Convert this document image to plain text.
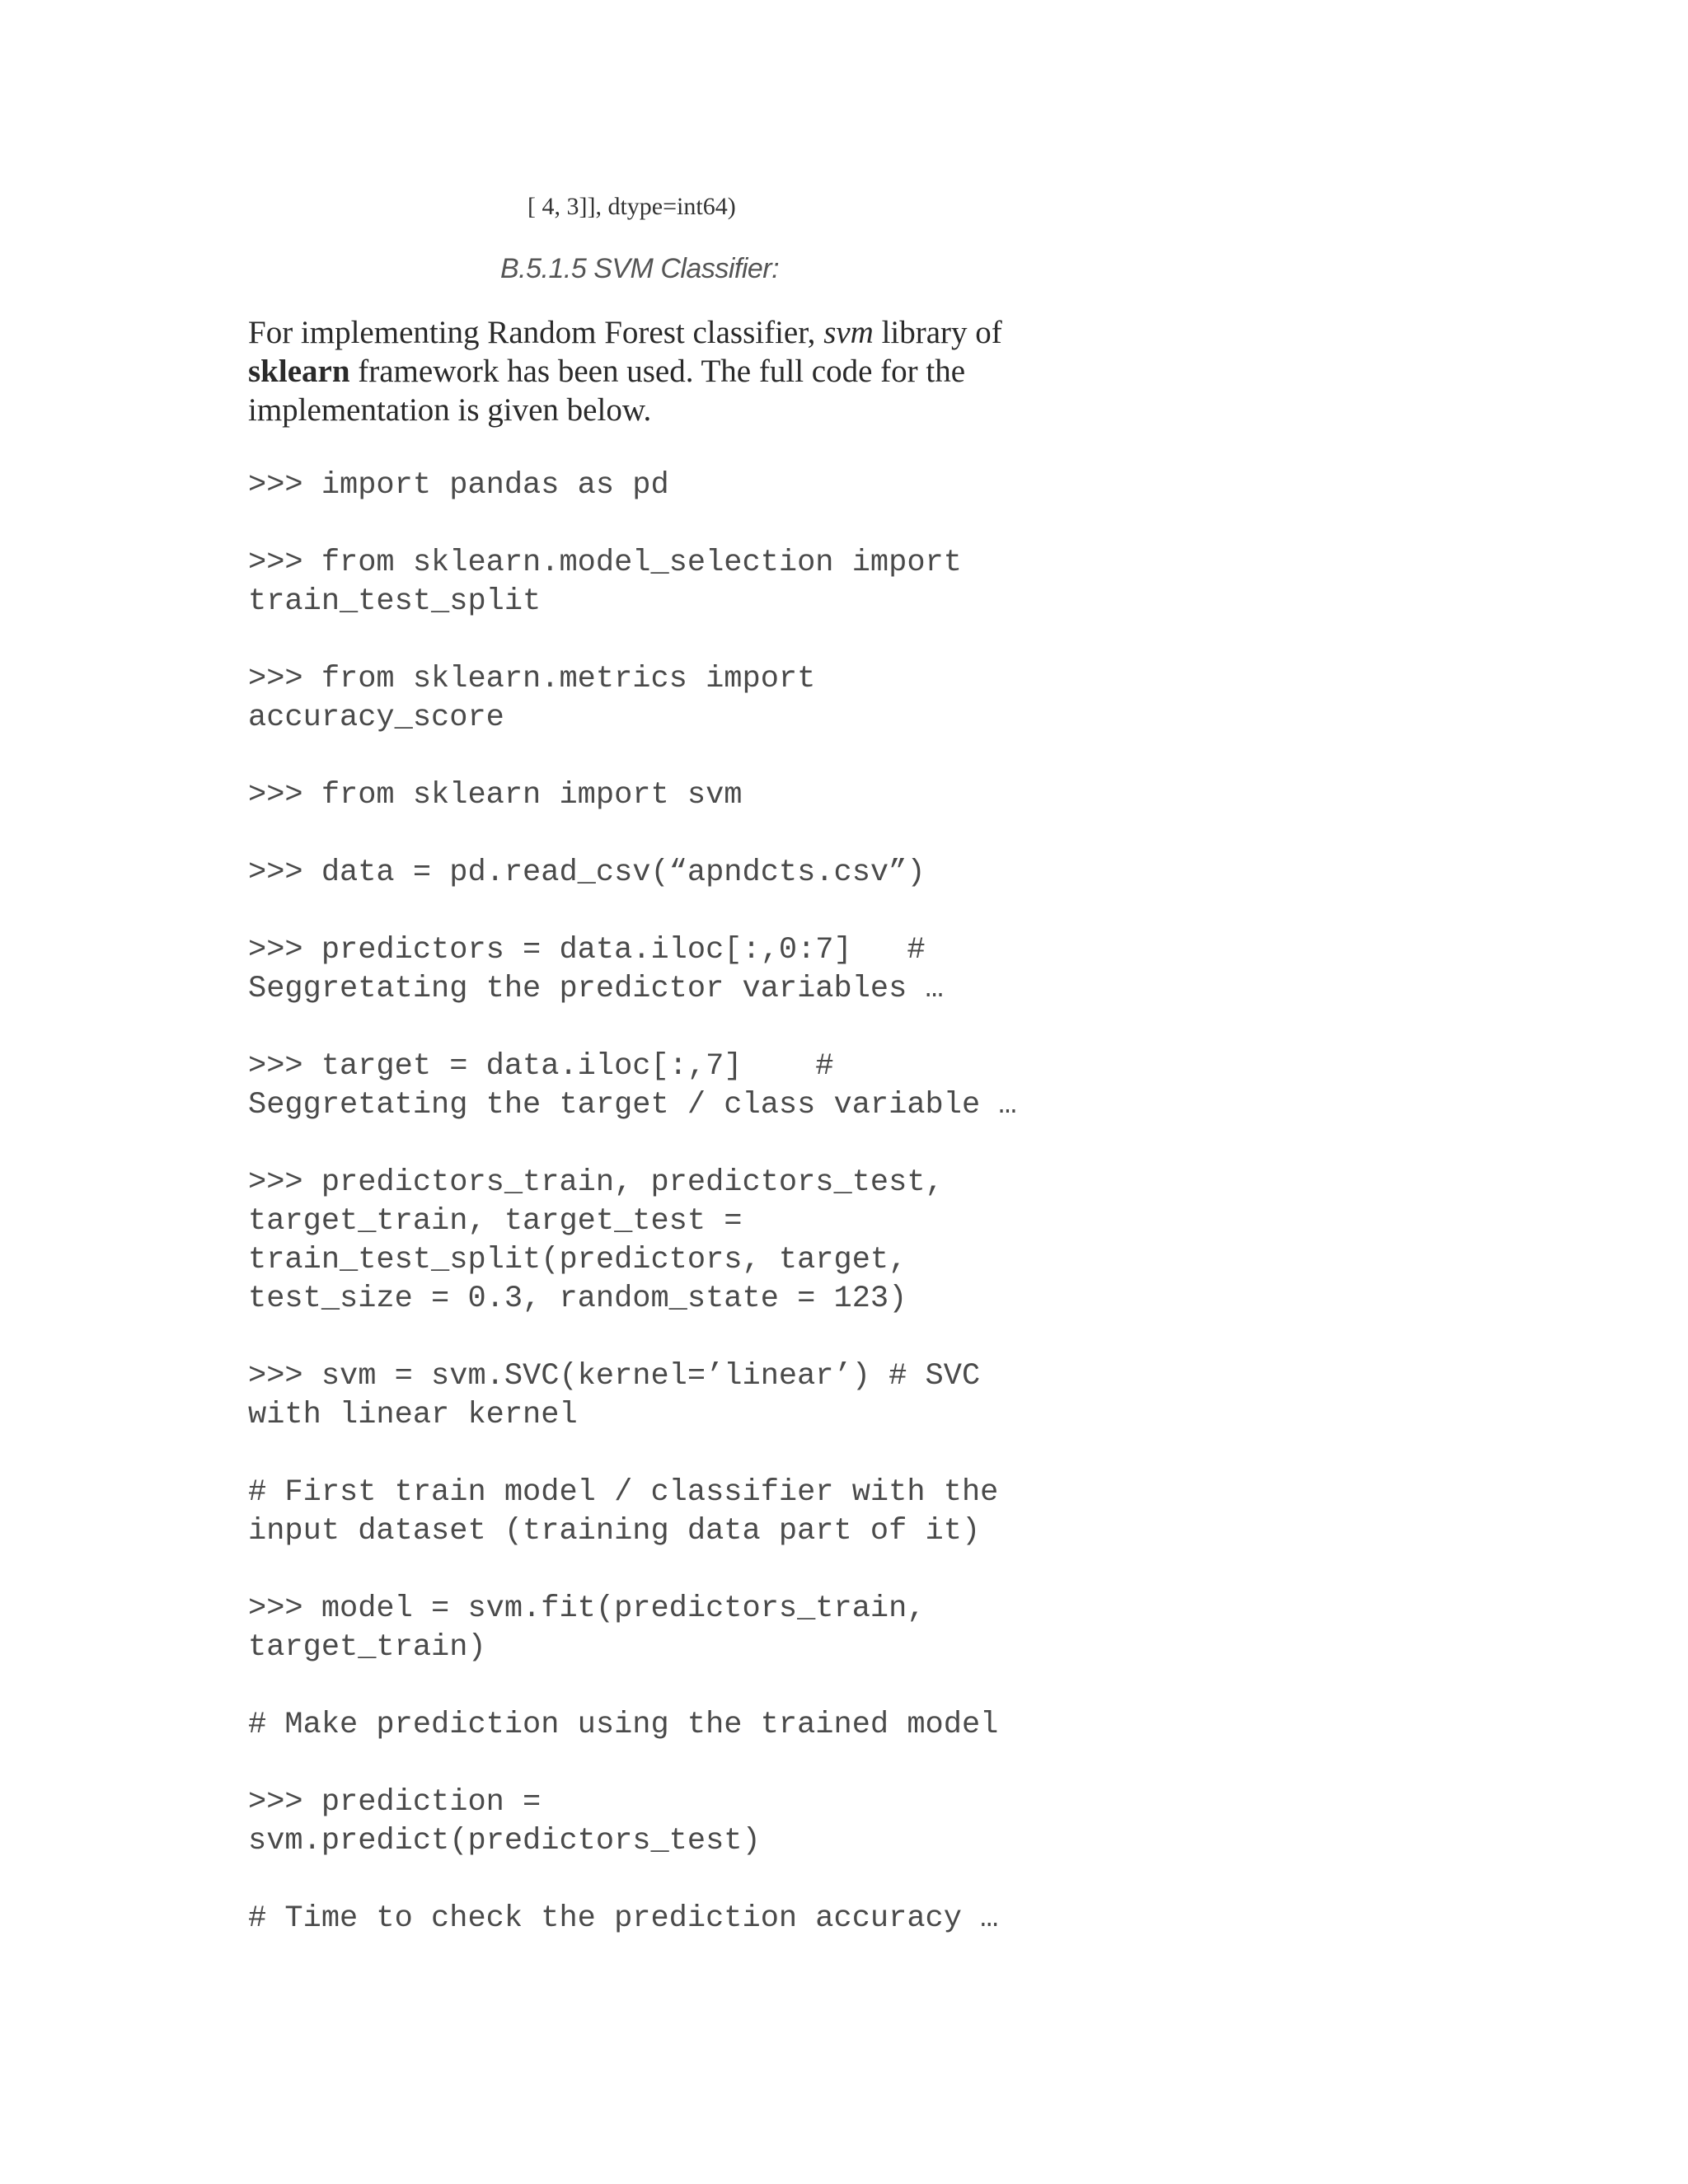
[ 4, 3]], dtype=int64)
B.5.1.5 SVM Classifier:

For implementing Random Forest classifier, svm library of sklearn framework has been used. The full code for the implementation is given below.

>>> import pandas as pd
>>> from sklearn.model_selection import
train_test_split
>>> from sklearn.metrics import
accuracy_score
>>> from sklearn import svm
>>> data = pd.read_csv(“apndcts.csv”)
>>> predictors = data.iloc[:,0:7]   #
Seggretating the predictor variables …
>>> target = data.iloc[:,7]    #
Seggretating the target / class variable …
>>> predictors_train, predictors_test,
target_train, target_test =
train_test_split(predictors, target,
test_size = 0.3, random_state = 123)
>>> svm = svm.SVC(kernel=’linear’) # SVC
with linear kernel
# First train model / classifier with the
input dataset (training data part of it)
>>> model = svm.fit(predictors_train,
target_train)
# Make prediction using the trained model
>>> prediction =
svm.predict(predictors_test)
# Time to check the prediction accuracy …
